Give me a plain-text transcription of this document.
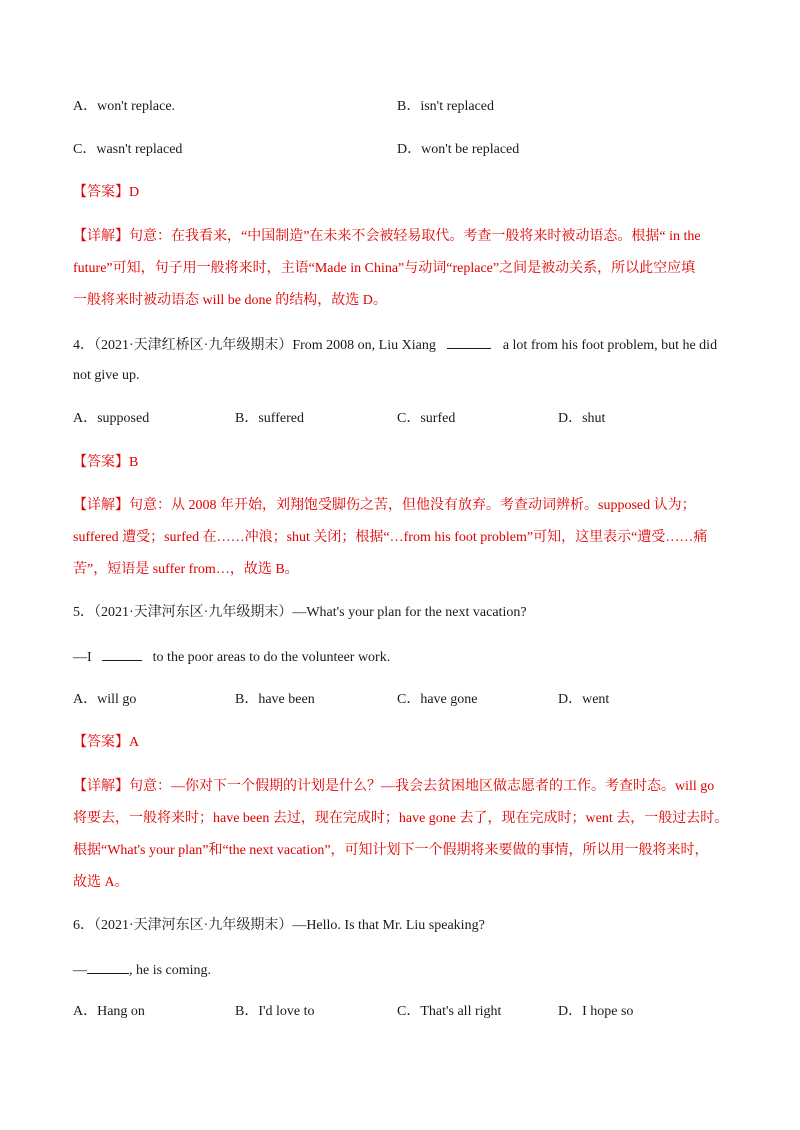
A．won't replace.	B．isn't replaced
C．wasn't replaced	D．won't be replaced
【答案】D
【详解】句意：在我看来，“中国制造”在未来不会被轻易取代。考查一般将来时被动语态。根据“ in the
future”可知，句子用一般将来时，主语“Made in China”与动词“replace”之间是被动关系，所以此空应填
一般将来时被动语态 will be done 的结构，故选 D。
4．（2021·天津红桥区·九年级期末）From 2008 on, Liu Xiang	a lot from his foot problem, but he did
not give up.
A．supposed	B．suffered	C．surfed	D．shut
【答案】B
【详解】句意：从 2008 年开始，刘翔饱受脚伤之苦，但他没有放弃。考查动词辨析。supposed 认为；
suffered 遭受；surfed 在……冲浪；shut 关闭；根据“…from his foot problem”可知，这里表示“遭受……痛
苦”，短语是 suffer from…，故选 B。
5．（2021·天津河东区·九年级期末）—What's your plan for the next vacation?
—I	to the poor areas to do the volunteer work.
A．will go	B．have been	C．have gone	D．went
【答案】A
【详解】句意：—你对下一个假期的计划是什么？—我会去贫困地区做志愿者的工作。考查时态。will go
将要去，一般将来时；have been 去过，现在完成时；have gone 去了，现在完成时；went 去，一般过去时。
根据“What's your plan”和“the next vacation”，可知计划下一个假期将来要做的事情，所以用一般将来时，
故选 A。
6．（2021·天津河东区·九年级期末）—Hello. Is that Mr. Liu speaking?
—	, he is coming.
A．Hang on	B．I'd love to	C．That's all right	D．I hope so
